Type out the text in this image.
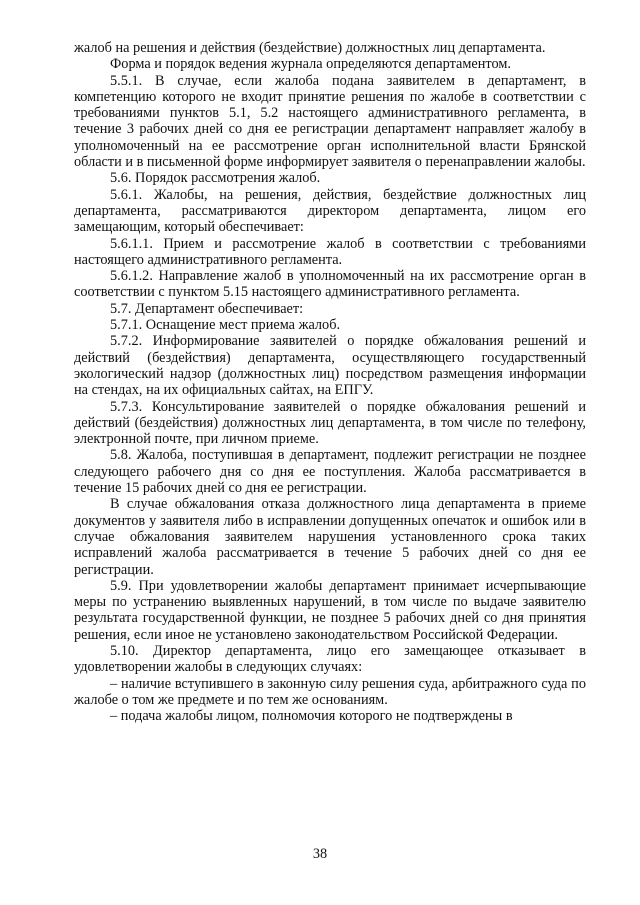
жалоб на решения и действия (бездействие) должностных лиц департамента.

Форма и порядок ведения журнала определяются департаментом.

5.5.1. В случае, если жалоба подана заявителем в департамент, в компетенцию которого не входит принятие решения по жалобе в соответствии с требованиями пунктов 5.1, 5.2 настоящего административного регламента, в течение 3 рабочих дней со дня ее регистрации департамент направляет жалобу в уполномоченный на ее рассмотрение орган исполнительной власти Брянской области и в письменной форме информирует заявителя о перенаправлении жалобы.

5.6. Порядок рассмотрения жалоб.

5.6.1. Жалобы, на решения, действия, бездействие должностных лиц департамента, рассматриваются директором департамента, лицом его замещающим, который обеспечивает:

5.6.1.1. Прием и рассмотрение жалоб в соответствии с требованиями настоящего административного регламента.

5.6.1.2. Направление жалоб в уполномоченный на их рассмотрение орган в соответствии с пунктом 5.15 настоящего административного регламента.

5.7. Департамент обеспечивает:

5.7.1. Оснащение мест приема жалоб.

5.7.2. Информирование заявителей о порядке обжалования решений и действий (бездействия) департамента, осуществляющего государственный экологический надзор (должностных лиц) посредством размещения информации на стендах, на их официальных сайтах, на ЕПГУ.

5.7.3. Консультирование заявителей о порядке обжалования решений и действий (бездействия) должностных лиц департамента, в том числе по телефону, электронной почте, при личном приеме.

5.8. Жалоба, поступившая в департамент, подлежит регистрации не позднее следующего рабочего дня со дня ее поступления. Жалоба рассматривается в течение 15 рабочих дней со дня ее регистрации.

В случае обжалования отказа должностного лица департамента в приеме документов у заявителя либо в исправлении допущенных опечаток и ошибок или в случае обжалования заявителем нарушения установленного срока таких исправлений жалоба рассматривается в течение 5 рабочих дней со дня ее регистрации.

5.9. При удовлетворении жалобы департамент принимает исчерпывающие меры по устранению выявленных нарушений, в том числе по выдаче заявителю результата государственной функции, не позднее 5 рабочих дней со дня принятия решения, если иное не установлено законодательством Российской Федерации.

5.10. Директор департамента, лицо его замещающее отказывает в удовлетворении жалобы в следующих случаях:

– наличие вступившего в законную силу решения суда, арбитражного суда по жалобе о том же предмете и по тем же основаниям.

– подача жалобы лицом, полномочия которого не подтверждены в

38
